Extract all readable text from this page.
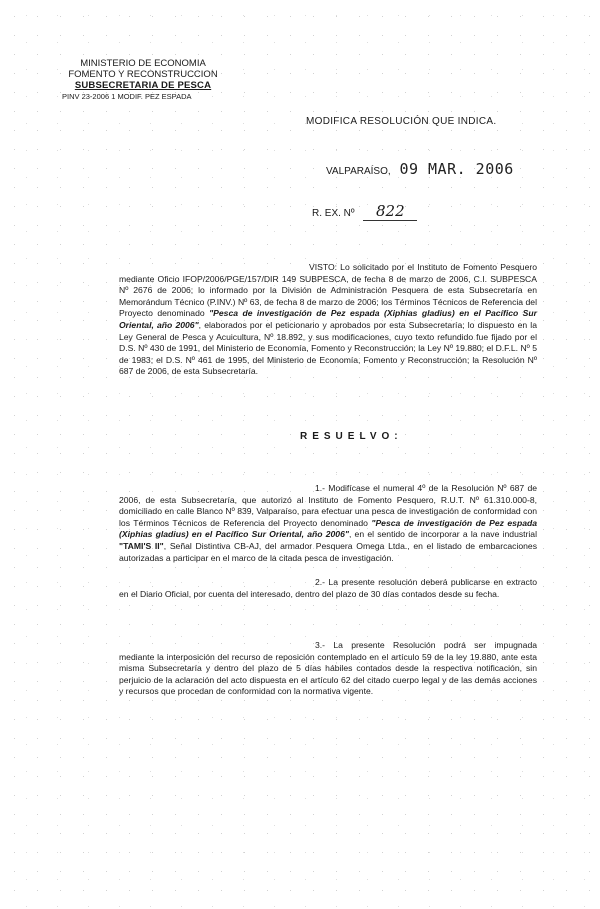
MINISTERIO DE ECONOMIA
FOMENTO Y RECONSTRUCCION
SUBSECRETARIA DE PESCA
PINV 23-2006 1 MODIF. PEZ ESPADA
MODIFICA RESOLUCIÓN QUE INDICA.
VALPARAÍSO, 09 MAR. 2006
R. EX. Nº 822
VISTO: Lo solicitado por el Instituto de Fomento Pesquero mediante Oficio IFOP/2006/PGE/157/DIR 149 SUBPESCA, de fecha 8 de marzo de 2006, C.I. SUBPESCA Nº 2676 de 2006; lo informado por la División de Administración Pesquera de esta Subsecretaría en Memorándum Técnico (P.INV.) Nº 63, de fecha 8 de marzo de 2006; los Términos Técnicos de Referencia del Proyecto denominado "Pesca de investigación de Pez espada (Xiphias gladius) en el Pacífico Sur Oriental, año 2006", elaborados por el peticionario y aprobados por esta Subsecretaría; lo dispuesto en la Ley General de Pesca y Acuicultura, Nº 18.892, y sus modificaciones, cuyo texto refundido fue fijado por el D.S. Nº 430 de 1991, del Ministerio de Economía, Fomento y Reconstrucción; la Ley Nº 19.880; el D.F.L. Nº 5 de 1983; el D.S. Nº 461 de 1995, del Ministerio de Economía, Fomento y Reconstrucción; la Resolución Nº 687 de 2006, de esta Subsecretaría.
RESUELVO:
1.- Modifícase el numeral 4º de la Resolución Nº 687 de 2006, de esta Subsecretaría, que autorizó al Instituto de Fomento Pesquero, R.U.T. Nº 61.310.000-8, domiciliado en calle Blanco Nº 839, Valparaíso, para efectuar una pesca de investigación de conformidad con los Términos Técnicos de Referencia del Proyecto denominado "Pesca de investigación de Pez espada (Xiphias gladius) en el Pacífico Sur Oriental, año 2006", en el sentido de incorporar a la nave industrial "TAMI'S II", Señal Distintiva CB-AJ, del armador Pesquera Omega Ltda., en el listado de embarcaciones autorizadas a participar en el marco de la citada pesca de investigación.
2.- La presente resolución deberá publicarse en extracto en el Diario Oficial, por cuenta del interesado, dentro del plazo de 30 días contados desde su fecha.
3.- La presente Resolución podrá ser impugnada mediante la interposición del recurso de reposición contemplado en el artículo 59 de la ley 19.880, ante esta misma Subsecretaría y dentro del plazo de 5 días hábiles contados desde la respectiva notificación, sin perjuicio de la aclaración del acto dispuesta en el artículo 62 del citado cuerpo legal y de las demás acciones y recursos que procedan de conformidad con la normativa vigente.
